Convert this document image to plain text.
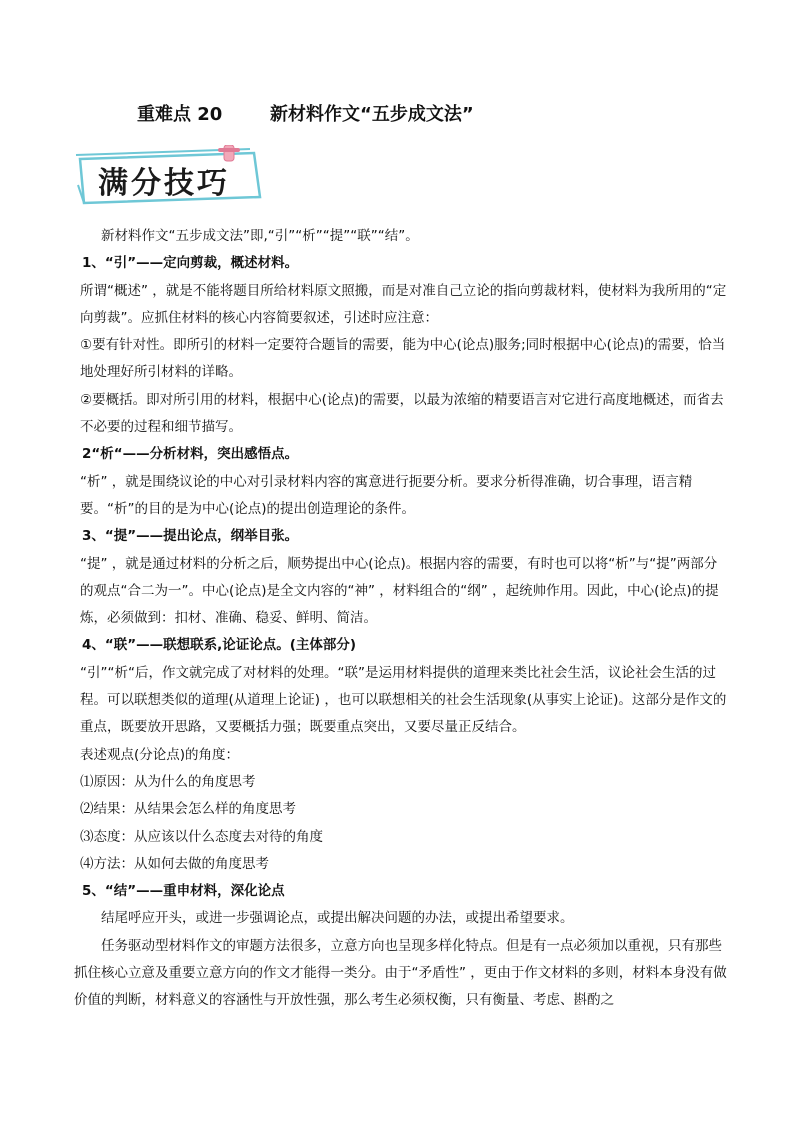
重难点 20	新材料作文“五步成文法”
满分技巧

新材料作文“五步成文法”即,“引”“析”“提”“联”“结”。

1、“引”——定向剪裁，概述材料。

所谓“概述” ，就是不能将题目所给材料原文照搬，而是对准自己立论的指向剪裁材料，使材料为我所用的“定向剪裁”。应抓住材料的核心内容简要叙述，引述时应注意：

①要有针对性。即所引的材料一定要符合题旨的需要，能为中心(论点)服务;同时根据中心(论点)的需要，恰当地处理好所引材料的详略。

②要概括。即对所引用的材料，根据中心(论点)的需要，以最为浓缩的精要语言对它进行高度地概述，而省去不必要的过程和细节描写。

2“析“——分析材料，突出感悟点。

“析” ，就是围绕议论的中心对引录材料内容的寓意进行扼要分析。要求分析得准确，切合事理，语言精要。“析”的目的是为中心(论点)的提出创造理论的条件。

3、“提”——提出论点，纲举目张。

“提” ，就是通过材料的分析之后，顺势提出中心(论点)。根据内容的需要，有时也可以将“析”与“提”两部分的观点“合二为一”。中心(论点)是全文内容的“神” ，材料组合的“纲” ，起统帅作用。因此，中心(论点)的提炼，必须做到：扣材、准确、稳妥、鲜明、简洁。

4、“联”——联想联系,论证论点。(主体部分)

“引”“析“后，作文就完成了对材料的处理。“联”是运用材料提供的道理来类比社会生活，议论社会生活的过程。可以联想类似的道理(从道理上论证) ，也可以联想相关的社会生活现象(从事实上论证)。这部分是作文的重点，既要放开思路，又要概括力强；既要重点突出，又要尽量正反结合。

表述观点(分论点)的角度：

⑴原因：从为什么的角度思考

⑵结果：从结果会怎么样的角度思考

⑶态度：从应该以什么态度去对待的角度

⑷方法：从如何去做的角度思考

5、“结”——重申材料，深化论点

结尾呼应开头，或进一步强调论点，或提出解决问题的办法，或提出希望要求。

任务驱动型材料作文的审题方法很多，立意方向也呈现多样化特点。但是有一点必须加以重视，只有那些抓住核心立意及重要立意方向的作文才能得一类分。由于“矛盾性” ，更由于作文材料的多则，材料本身没有做价值的判断，材料意义的容涵性与开放性强，那么考生必须权衡，只有衡量、考虑、斟酌之
